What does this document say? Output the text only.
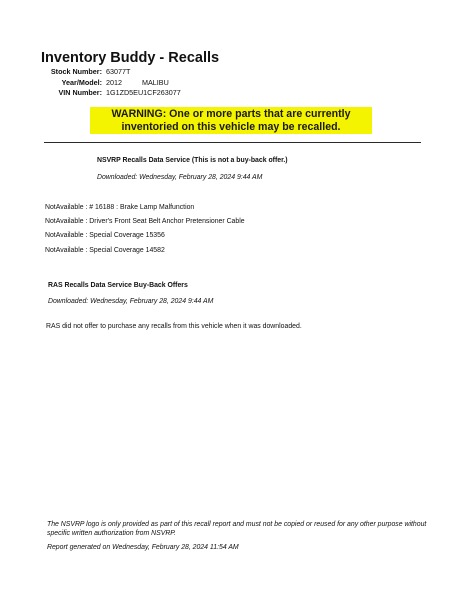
Inventory Buddy - Recalls
Stock Number: 63077T
Year/Model: 2012	MALIBU
VIN Number: 1G1ZD5EU1CF263077
WARNING: One or more parts that are currently
inventoried on this vehicle may be recalled.
NSVRP Recalls Data Service (This is not a buy-back offer.)
Downloaded: Wednesday, February 28, 2024 9:44 AM
NotAvailable : # 16188 : Brake Lamp Malfunction
NotAvailable : Driver's Front Seat Belt Anchor Pretensioner Cable
NotAvailable : Special Coverage 15356
NotAvailable : Special Coverage 14582
RAS Recalls Data Service Buy-Back Offers
Downloaded: Wednesday, February 28, 2024 9:44 AM
RAS did not offer to purchase any recalls from this vehicle when it was downloaded.
The NSVRP logo is only provided as part of this recall report and must not be copied or reused for any other purpose without specific written authorization from NSVRP.
Report generated on Wednesday, February 28, 2024 11:54 AM
